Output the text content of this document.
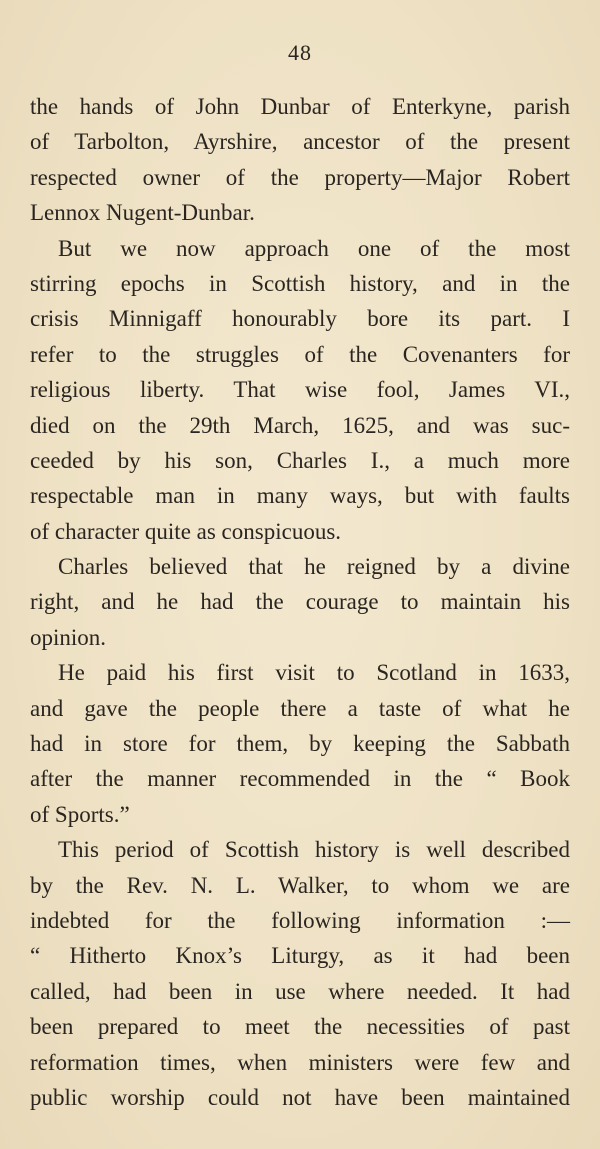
48
the hands of John Dunbar of Enterkyne, parish
of Tarbolton, Ayrshire, ancestor of the present
respected owner of the property—Major Robert
Lennox Nugent-Dunbar.
But we now approach one of the most
stirring epochs in Scottish history, and in the
crisis Minnigaff honourably bore its part. I
refer to the struggles of the Covenanters for
religious liberty. That wise fool, James VI.,
died on the 29th March, 1625, and was suc-
ceeded by his son, Charles I., a much more
respectable man in many ways, but with faults
of character quite as conspicuous.
Charles believed that he reigned by a divine
right, and he had the courage to maintain his
opinion.
He paid his first visit to Scotland in 1633,
and gave the people there a taste of what he
had in store for them, by keeping the Sabbath
after the manner recommended in the “ Book
of Sports.”
This period of Scottish history is well described
by the Rev. N. L. Walker, to whom we are
indebted for the following information :—
“ Hitherto Knox’s Liturgy, as it had been
called, had been in use where needed. It had
been prepared to meet the necessities of past
reformation times, when ministers were few and
public worship could not have been maintained
